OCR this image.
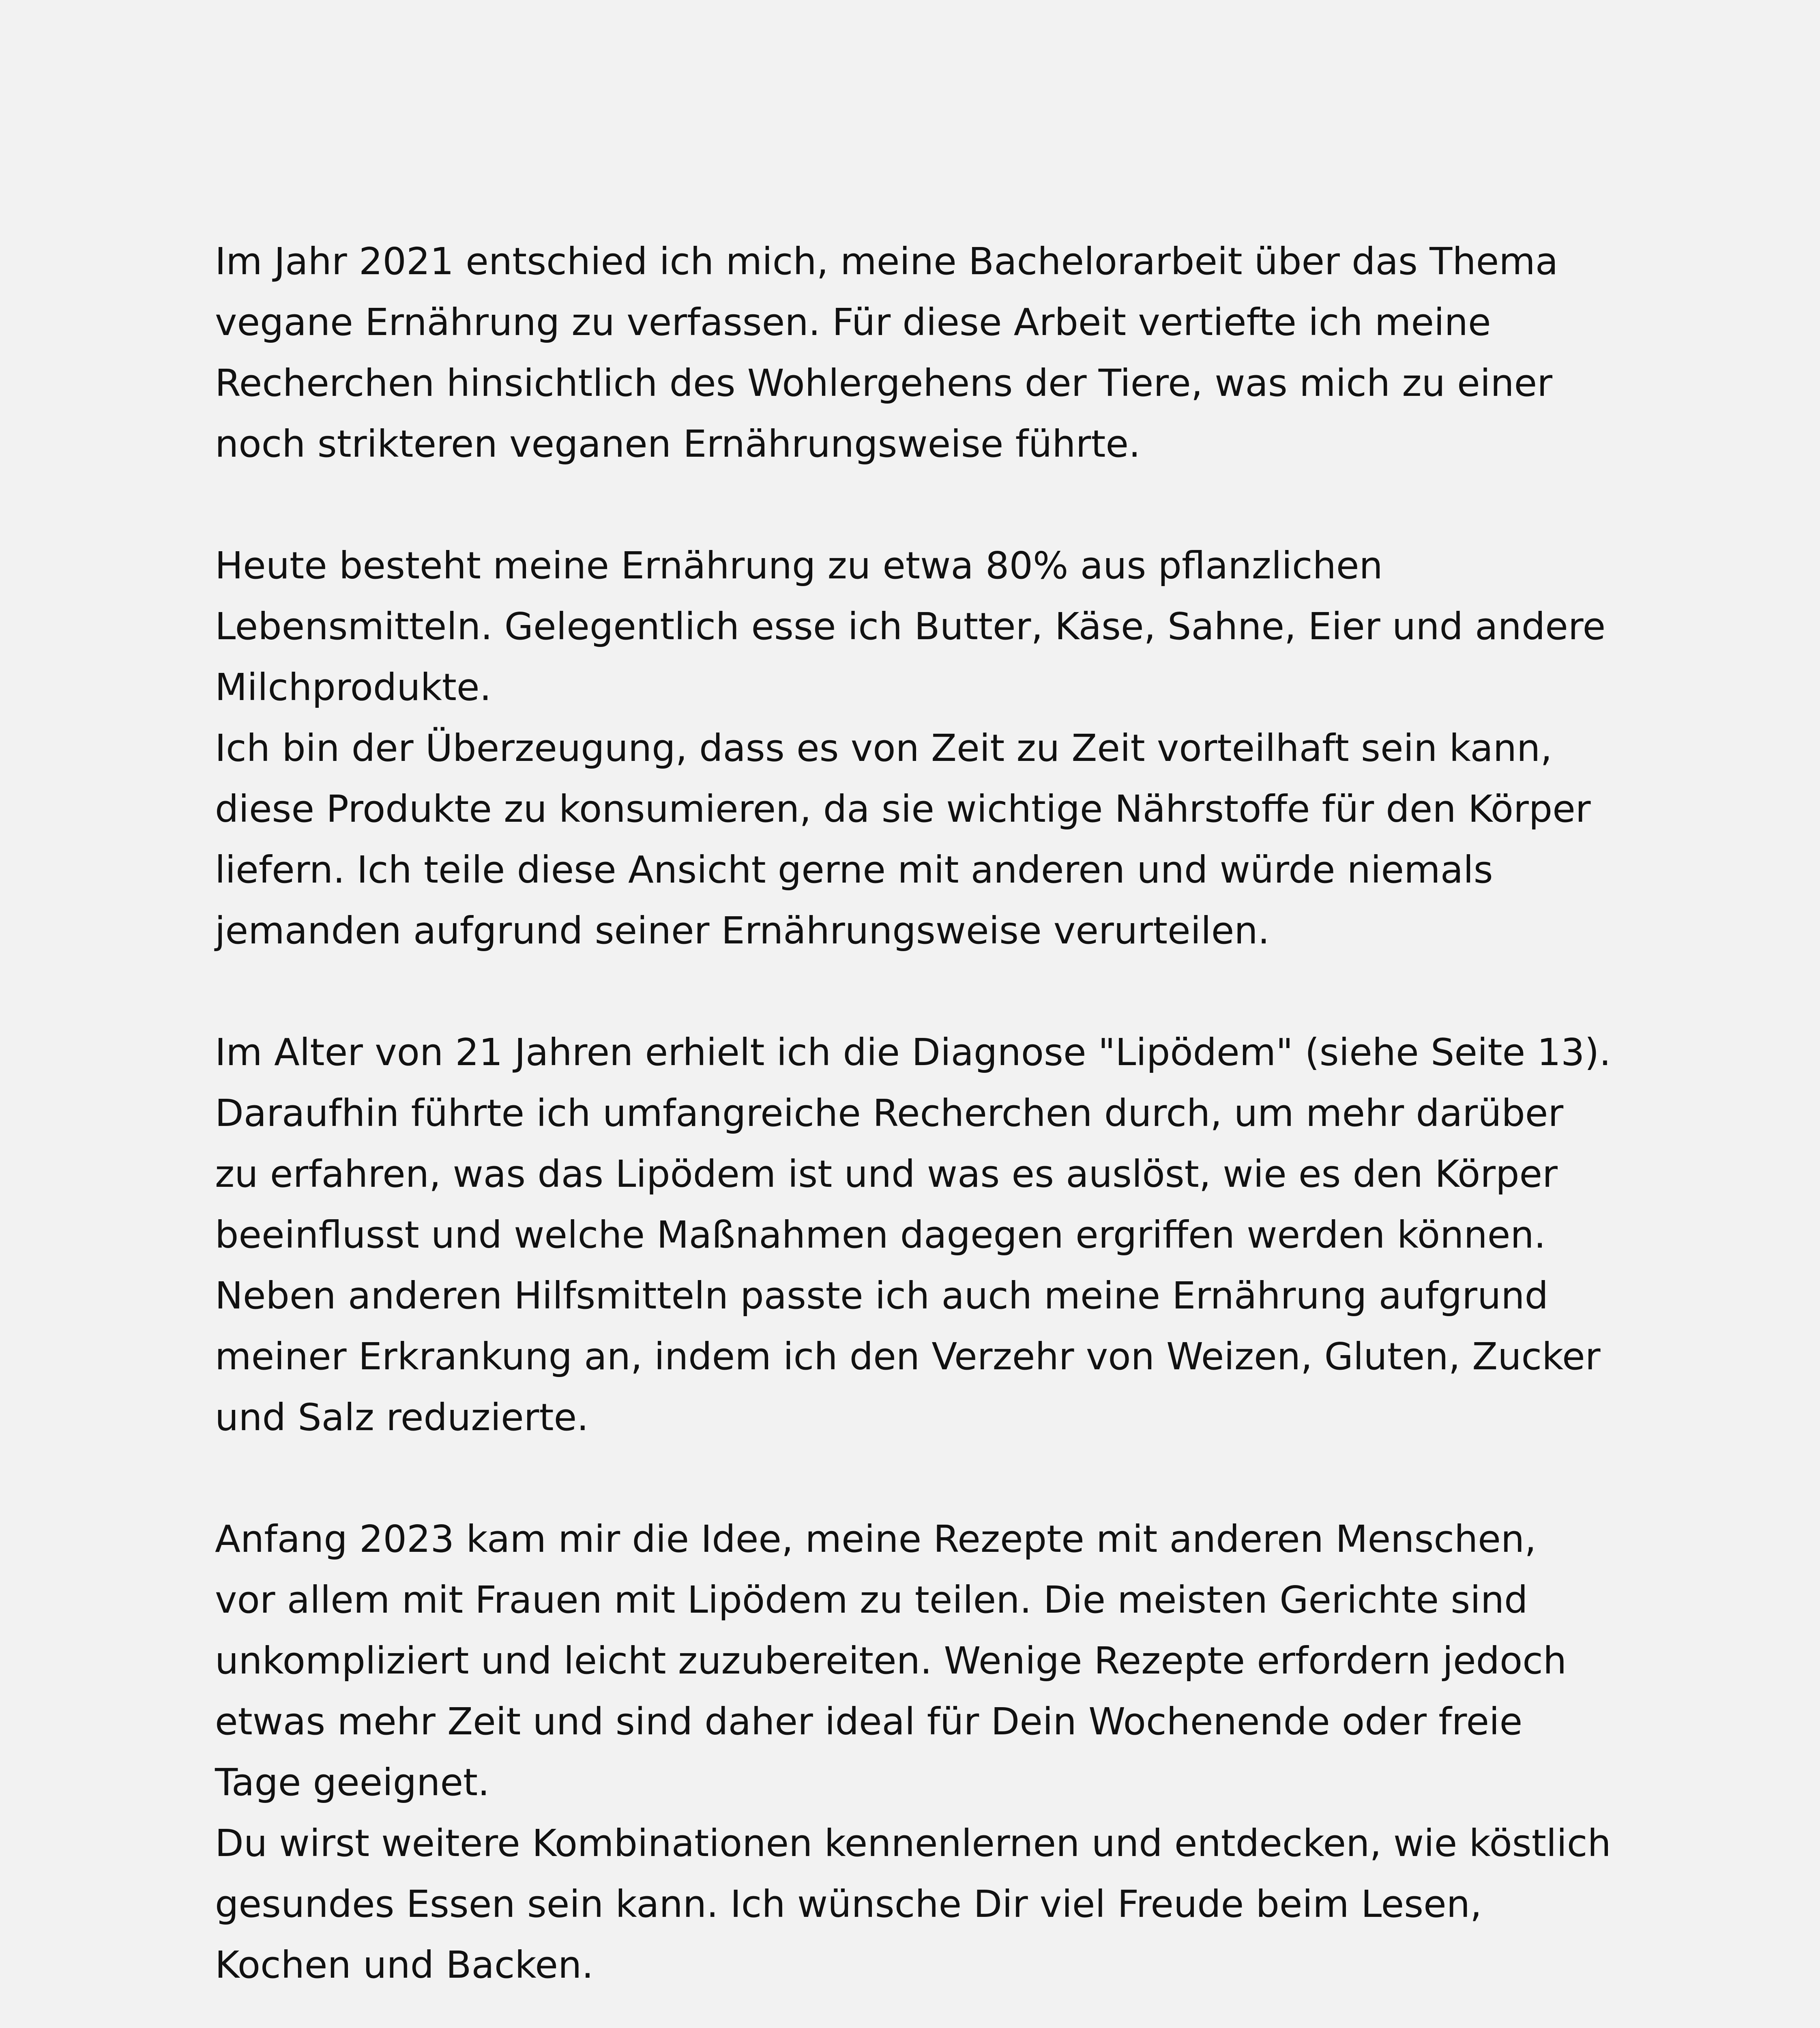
Im Jahr 2021 entschied ich mich, meine Bachelorarbeit über das Thema
vegane Ernährung zu verfassen. Für diese Arbeit vertiefte ich meine
Recherchen hinsichtlich des Wohlergehens der Tiere, was mich zu einer
noch strikteren veganen Ernährungsweise führte.

Heute besteht meine Ernährung zu etwa 80% aus pflanzlichen
Lebensmitteln. Gelegentlich esse ich Butter, Käse, Sahne, Eier und andere
Milchprodukte.

Ich bin der Überzeugung, dass es von Zeit zu Zeit vorteilhaft sein kann,
diese Produkte zu konsumieren, da sie wichtige Nährstoffe für den Körper
liefern. Ich teile diese Ansicht gerne mit anderen und würde niemals
jemanden aufgrund seiner Ernährungsweise verurteilen.

Im Alter von 21 Jahren erhielt ich die Diagnose "Lipödem" (siehe Seite 13).
Daraufhin führte ich umfangreiche Recherchen durch, um mehr darüber
zu erfahren, was das Lipödem ist und was es auslöst, wie es den Körper
beeinflusst und welche Maßnahmen dagegen ergriffen werden können.
Neben anderen Hilfsmitteln passte ich auch meine Ernährung aufgrund
meiner Erkrankung an, indem ich den Verzehr von Weizen, Gluten, Zucker
und Salz reduzierte.

Anfang 2023 kam mir die Idee, meine Rezepte mit anderen Menschen,
vor allem mit Frauen mit Lipödem zu teilen. Die meisten Gerichte sind
unkompliziert und leicht zuzubereiten. Wenige Rezepte erfordern jedoch
etwas mehr Zeit und sind daher ideal für Dein Wochenende oder freie
Tage geeignet.

Du wirst weitere Kombinationen kennenlernen und entdecken, wie köstlich
gesundes Essen sein kann. Ich wünsche Dir viel Freude beim Lesen,
Kochen und Backen.
